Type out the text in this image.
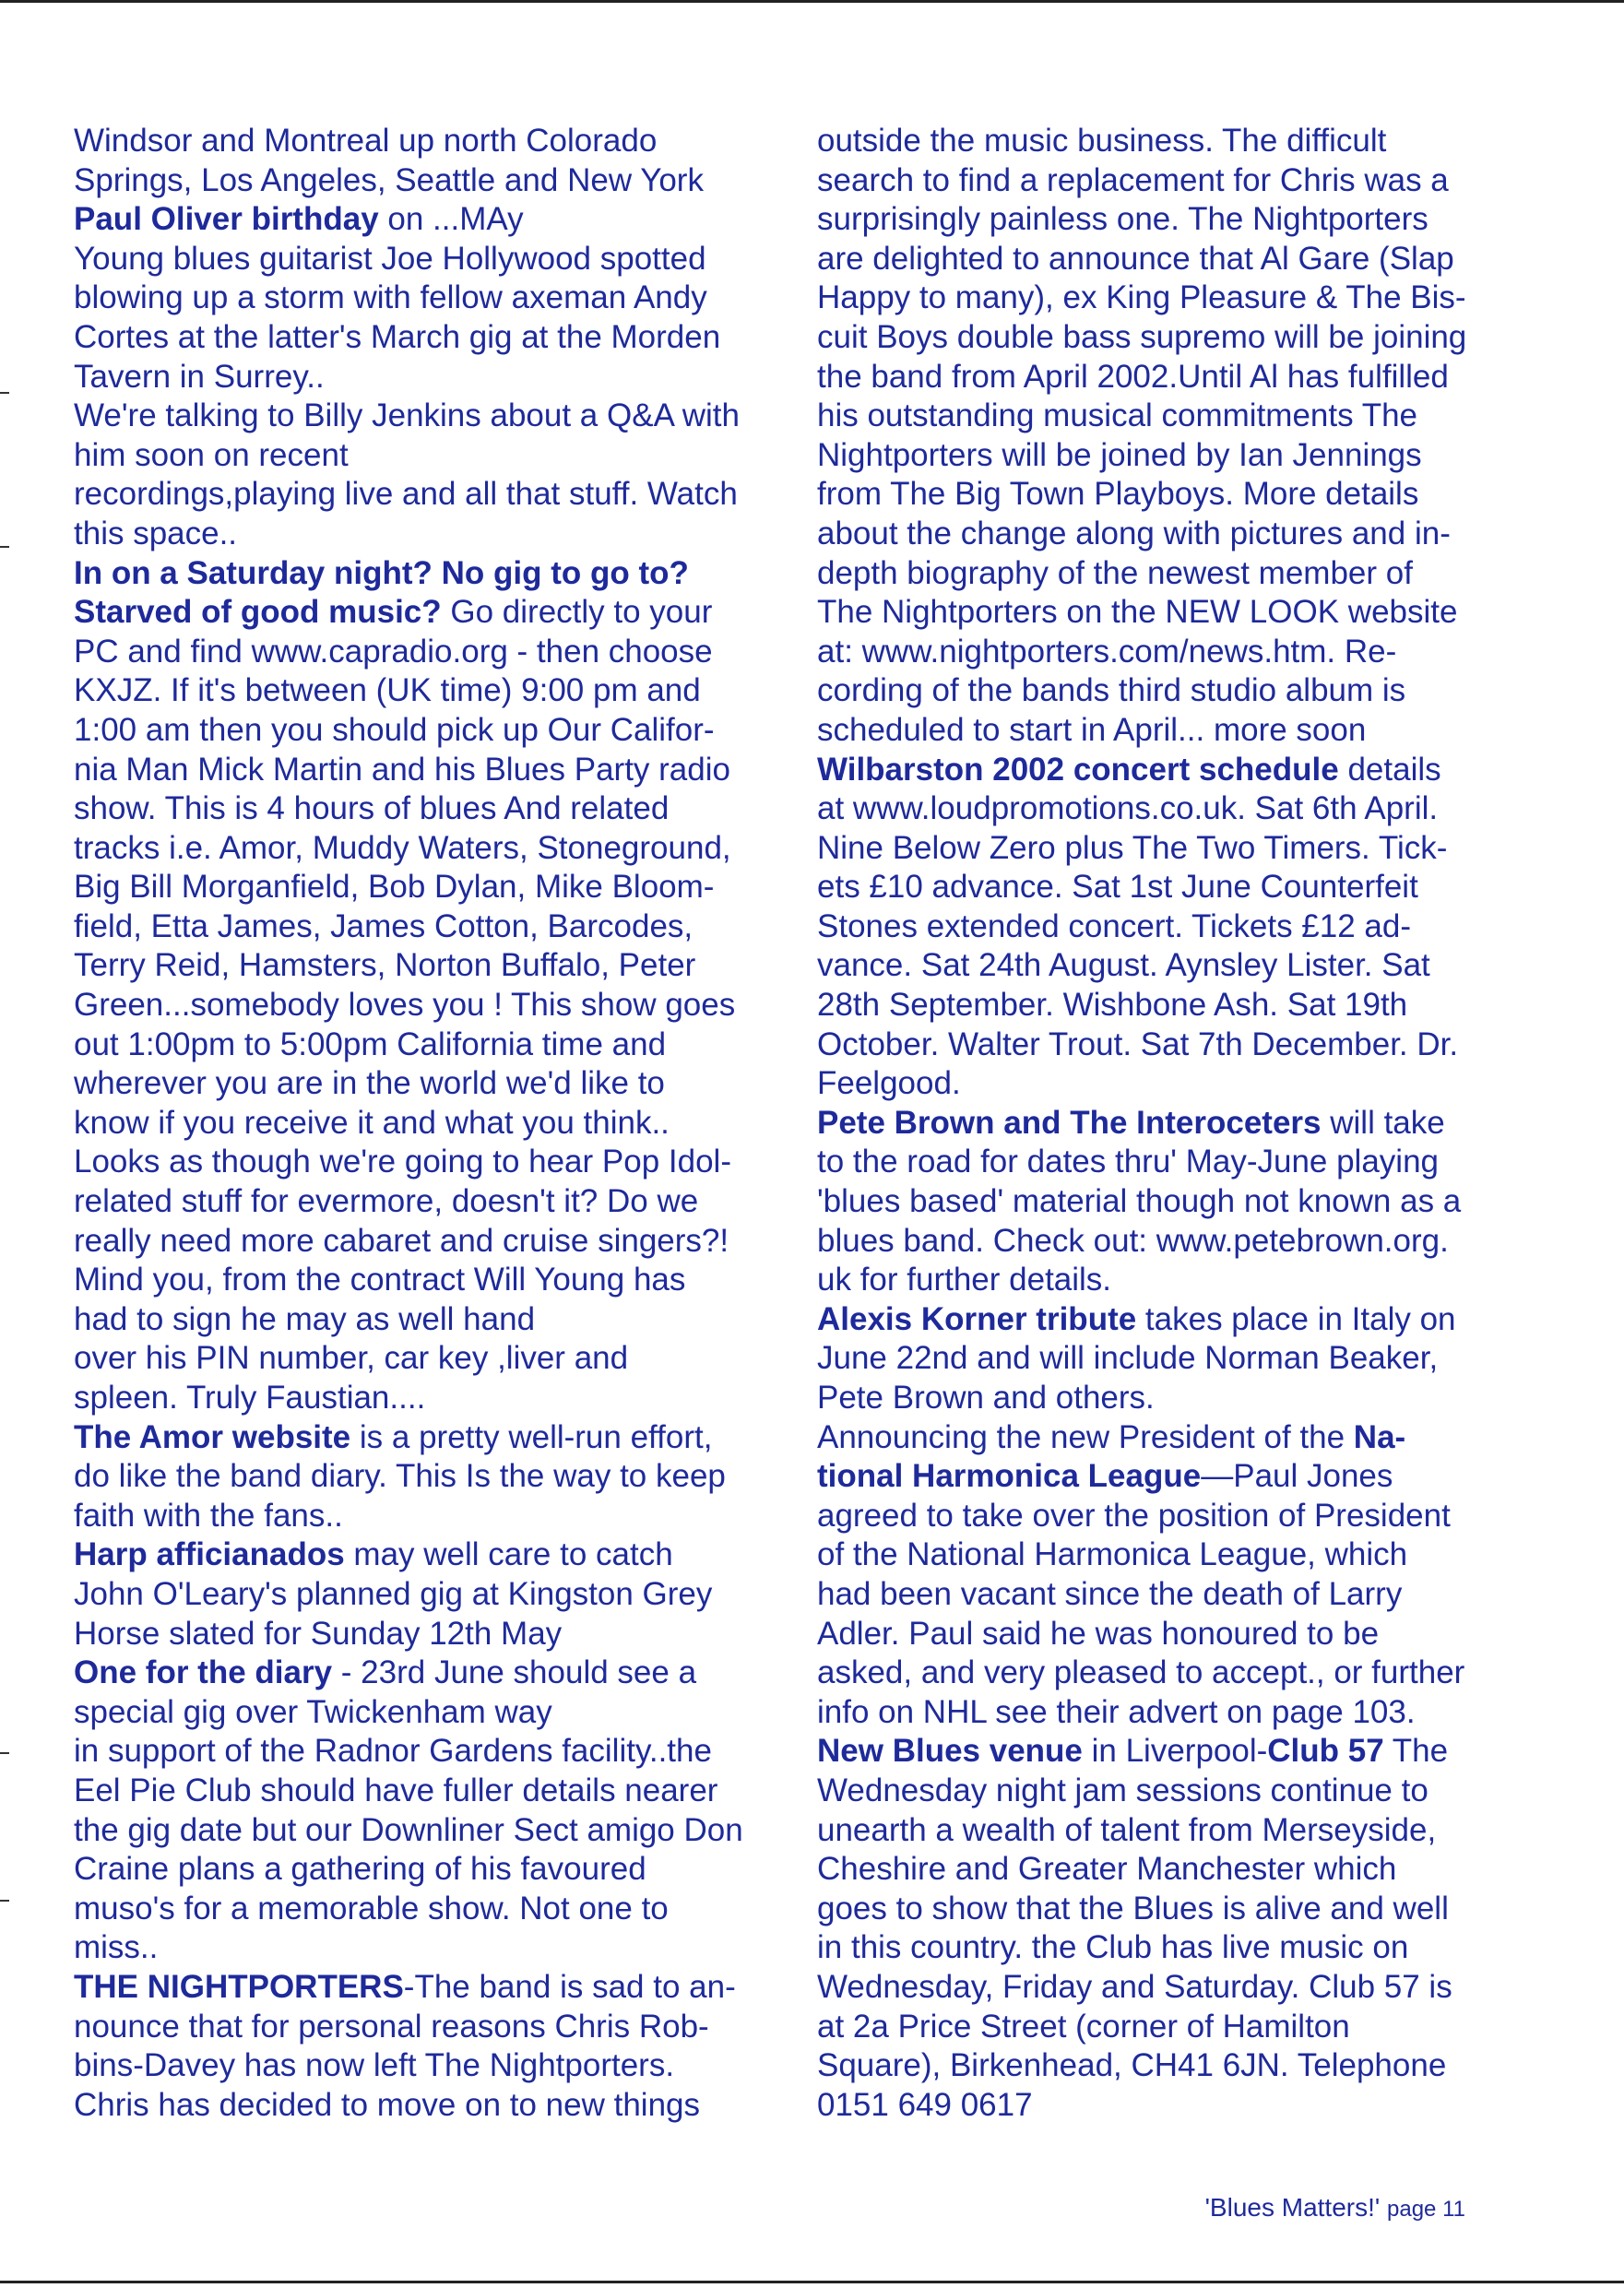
Windsor and Montreal up north Colorado
Springs, Los Angeles, Seattle and New York
Paul Oliver birthday on ...MAy
Young blues guitarist Joe Hollywood spotted
blowing up a storm with fellow axeman Andy
Cortes at the latter's March gig at the Morden
Tavern in Surrey..
We're talking to Billy Jenkins about a Q&A with
him soon on recent
recordings,playing live and all that stuff. Watch
this space..
In on a Saturday night? No gig to go to?
Starved of good music? Go directly to your
PC and find www.capradio.org - then choose
KXJZ. If it's between (UK time) 9:00 pm and
1:00 am then you should pick up Our Califor-
nia Man Mick Martin and his Blues Party radio
show. This is 4 hours of blues And related
tracks i.e. Amor, Muddy Waters, Stoneground,
Big Bill Morganfield, Bob Dylan, Mike Bloom-
field, Etta James, James Cotton, Barcodes,
Terry Reid, Hamsters, Norton Buffalo, Peter
Green...somebody loves you ! This show goes
out 1:00pm to 5:00pm California time and
wherever you are in the world we'd like to
know if you receive it and what you think..
Looks as though we're going to hear Pop Idol-
related stuff for evermore, doesn't it? Do we
really need more cabaret and cruise singers?!
Mind you, from the contract Will Young has
had to sign he may as well hand
over his PIN number, car key ,liver and
spleen. Truly Faustian....
The Amor website is a pretty well-run effort,
do like the band diary. This Is the way to keep
faith with the fans..
Harp afficianados may well care to catch
John O'Leary's planned gig at Kingston Grey
Horse slated for Sunday 12th May
One for the diary - 23rd June should see a
special gig over Twickenham way
in support of the Radnor Gardens facility..the
Eel Pie Club should have fuller details nearer
the gig date but our Downliner Sect amigo Don
Craine plans a gathering of his favoured
muso's for a memorable show. Not one to
miss..
THE NIGHTPORTERS-The band is sad to an-
nounce that for personal reasons Chris Rob-
bins-Davey has now left The Nightporters.
Chris has decided to move on to new things
outside the music business. The difficult
search to find a replacement for Chris was a
surprisingly painless one. The Nightporters
are delighted to announce that Al Gare (Slap
Happy to many), ex King Pleasure & The Bis-
cuit Boys double bass supremo will be joining
the band from April 2002.Until Al has fulfilled
his outstanding musical commitments The
Nightporters will be joined by Ian Jennings
from The Big Town Playboys. More details
about the change along with pictures and in-
depth biography of the newest member of
The Nightporters on the NEW LOOK website
at: www.nightporters.com/news.htm. Re-
cording of the bands third studio album is
scheduled to start in April... more soon
Wilbarston 2002 concert schedule details
at www.loudpromotions.co.uk. Sat 6th April.
Nine Below Zero plus The Two Timers. Tick-
ets £10 advance. Sat 1st June Counterfeit
Stones extended concert. Tickets £12 ad-
vance. Sat 24th August. Aynsley Lister. Sat
28th September. Wishbone Ash. Sat 19th
October. Walter Trout. Sat 7th December. Dr.
Feelgood.
Pete Brown and The Interoceters will take
to the road for dates thru' May-June playing
'blues based' material though not known as a
blues band. Check out: www.petebrown.org.
uk for further details.
Alexis Korner tribute takes place in Italy on
June 22nd and will include Norman Beaker,
Pete Brown and others.
Announcing the new President of the Na-
tional Harmonica League—Paul Jones
agreed to take over the position of President
of the National Harmonica League, which
had been vacant since the death of Larry
Adler. Paul said he was honoured to be
asked, and very pleased to accept., or further
info on NHL see their advert on page 103.
New Blues venue in Liverpool-Club 57 The
Wednesday night jam sessions continue to
unearth a wealth of talent from Merseyside,
Cheshire and Greater Manchester which
goes to show that the Blues is alive and well
in this country. the Club has live music on
Wednesday, Friday and Saturday. Club 57 is
at 2a Price Street (corner of Hamilton
Square), Birkenhead, CH41 6JN. Telephone
0151 649 0617
'Blues Matters!' page 11
